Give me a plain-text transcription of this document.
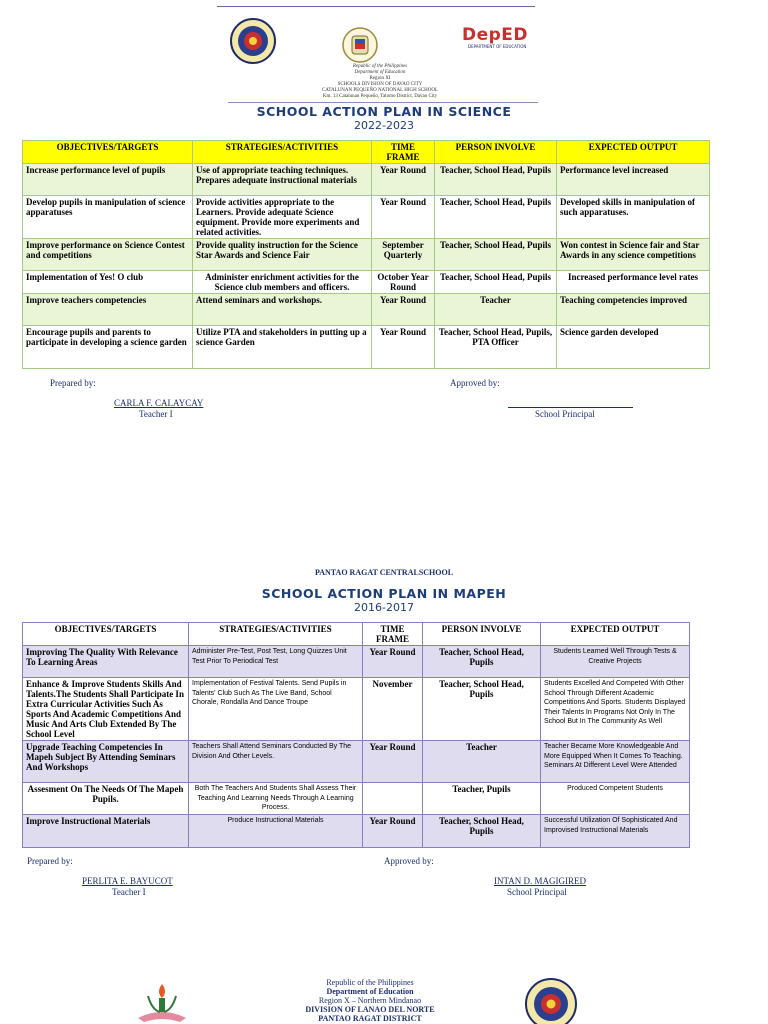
DepED
DEPARTMENT OF EDUCATION
Republic of the Philippines
Department of Education
Region XI
SCHOOLS DIVISION OF DAVAO CITY
CATALUNAN PEQUEÑO NATIONAL HIGH SCHOOL
Km. 13 Catalunan Pequeño, Talomo District, Davao City
SCHOOL ACTION PLAN IN SCIENCE
2022-2023
OBJECTIVES/TARGETS	STRATEGIES/ACTIVITIES	TIME FRAME	PERSON INVOLVE	EXPECTED OUTPUT
Increase performance level of pupils	Use of appropriate teaching techniques. Prepares adequate instructional materials	Year Round	Teacher, School Head, Pupils	Performance level increased
Develop pupils in manipulation of science apparatuses	Provide activities appropriate to the Learners. Provide adequate Science equipment. Provide more experiments and related activities.	Year Round	Teacher, School Head, Pupils	Developed skills in manipulation of such apparatuses.
Improve performance on Science Contest and competitions	Provide quality instruction for the Science Star Awards and Science Fair	September Quarterly	Teacher, School Head, Pupils	Won contest in Science fair and Star Awards in any science competitions
Implementation of Yes! O club	Administer enrichment activities for the Science club members and officers.	October Year Round	Teacher, School Head, Pupils	Increased performance level rates
Improve teachers competencies	Attend seminars and workshops.	Year Round	Teacher	Teaching competencies improved
Encourage pupils and parents to participate in developing a science garden	Utilize PTA and stakeholders in putting up a science Garden	Year Round	Teacher, School Head, Pupils, PTA Officer	Science garden developed
Prepared by:
CARLA F. CALAYCAY
Teacher I
Approved by:
School Principal
PANTAO RAGAT CENTRALSCHOOL
SCHOOL ACTION PLAN IN MAPEH
2016-2017
OBJECTIVES/TARGETS	STRATEGIES/ACTIVITIES	TIME FRAME	PERSON INVOLVE	EXPECTED OUTPUT
Improving The Quality With Relevance To Learning Areas	Administer Pre-Test, Post Test, Long Quizzes Unit Test Prior To Periodical Test	Year Round	Teacher, School Head, Pupils	Students Learned Well Through Tests & Creative Projects
Enhance & Improve Students Skills And Talents.The Students Shall Participate In Extra Curricular Activities Such As Sports And Academic Competitions And Music And Arts Club Extended By The School Level	Implementation of Festival Talents. Send Pupils in Talents' Club Such As The Live Band, School Chorale, Rondalla And Dance Troupe	November	Teacher, School Head, Pupils	Students Excelled And Competed With Other School Through Different Academic Competitions And Sports. Students Displayed Their Talents In Programs Not Only In The School But In The Community As Well
Upgrade Teaching Competencies In Mapeh Subject By Attending Seminars And Workshops	Teachers Shall Attend Seminars Conducted By The Division And Other Levels.	Year Round	Teacher	Teacher Became More Knowledgeable And More Equipped When It Comes To Teaching. Seminars At Different Level Were Attended
Assesment On The Needs Of The Mapeh Pupils.	Both The Teachers And Students Shall Assess Their Teaching And Learning Needs Through A Learning Process.		Teacher, Pupils	Produced Competent Students
Improve Instructional Materials	Produce Instructional Materials	Year Round	Teacher, School Head, Pupils	Successful Utilization Of Sophisticated And Improvised Instructional Materials
Prepared by:
PERLITA E. BAYUCOT
Teacher I
Approved by:
INTAN D. MAGIGIRED
School Principal
Republic of the Philippines
Department of Education
Region X – Northern Mindanao
DIVISION OF LANAO DEL NORTE
PANTAO RAGAT DISTRICT
